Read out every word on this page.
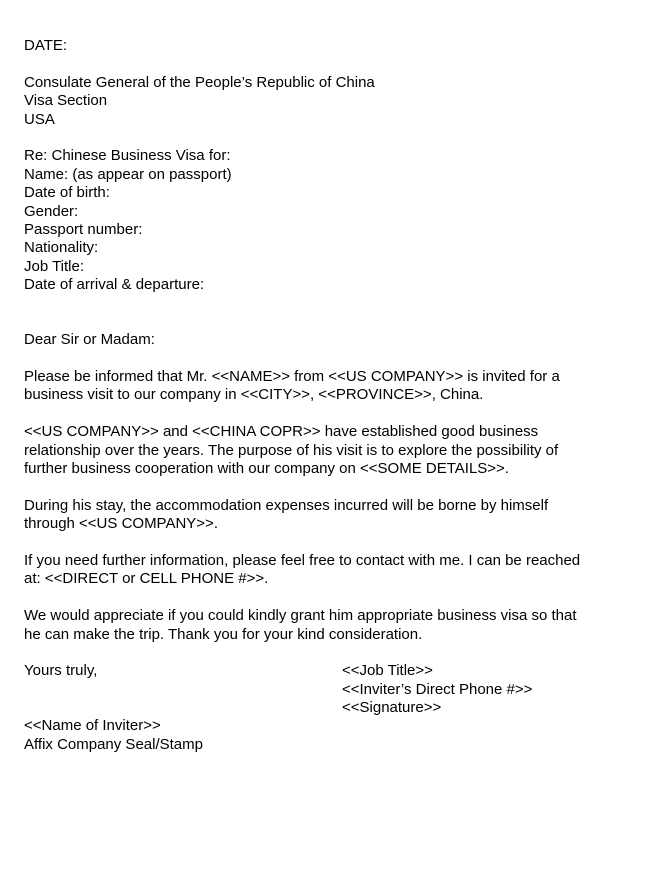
DATE:
Consulate General of the People’s Republic of China
Visa Section
USA
Re: Chinese Business Visa for:
Name: (as appear on passport)
Date of birth:
Gender:
Passport number:
Nationality:
Job Title:
Date of arrival & departure:
Dear Sir or Madam:
Please be informed that Mr. <<NAME>> from <<US COMPANY>> is invited for a
business visit to our company in <<CITY>>, <<PROVINCE>>, China.
<<US COMPANY>> and <<CHINA COPR>> have established good business
relationship over the years. The purpose of his visit is to explore the possibility of
further business cooperation with our company on <<SOME DETAILS>>.
During his stay, the accommodation expenses incurred will be borne by himself
through <<US COMPANY>>.
If you need further information, please feel free to contact with me. I can be reached
at: <<DIRECT or CELL PHONE #>>.
We would appreciate if you could kindly grant him appropriate business visa so that
he can make the trip. Thank you for your kind consideration.
Yours truly,	<<Job Title>>
<<Inviter’s Direct Phone #>>
<<Signature>>
<<Name of Inviter>>
Affix Company Seal/Stamp
